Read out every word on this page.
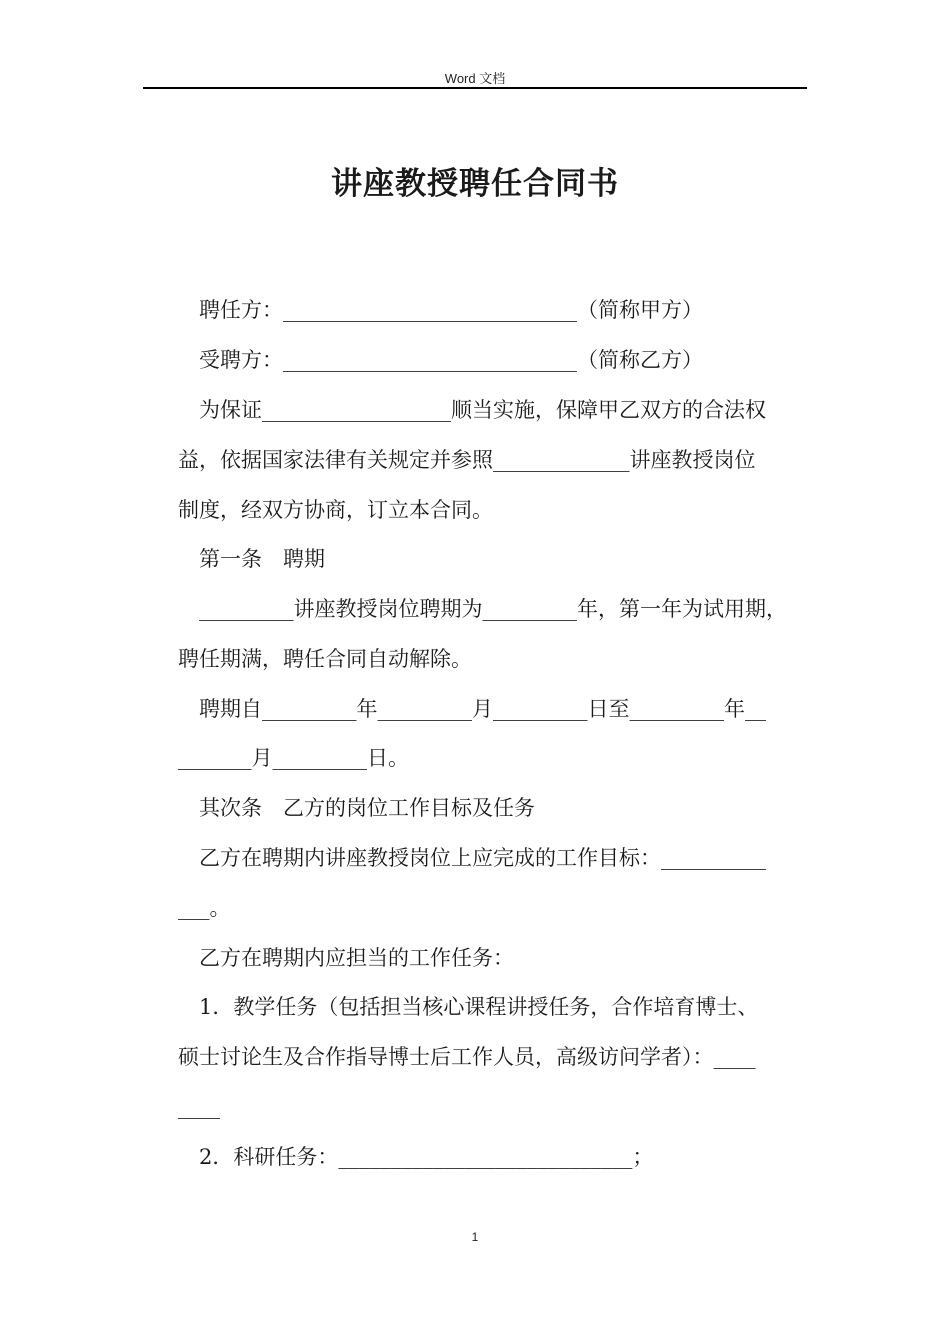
Word 文档
讲座教授聘任合同书
聘任方：____________________________（简称甲方）
受聘方：____________________________（简称乙方）
为保证__________________顺当实施，保障甲乙双方的合法权
益，依据国家法律有关规定并参照_____________讲座教授岗位
制度，经双方协商，订立本合同。
第一条　聘期
_________讲座教授岗位聘期为_________年，第一年为试用期，
聘任期满，聘任合同自动解除。
聘期自_________年_________月_________日至_________年__
_______月_________日。
其次条　乙方的岗位工作目标及任务
乙方在聘期内讲座教授岗位上应完成的工作目标：__________
___。
乙方在聘期内应担当的工作任务：
1．教学任务（包括担当核心课程讲授任务，合作培育博士、
硕士讨论生及合作指导博士后工作人员，高级访问学者）：____
____
2．科研任务：____________________________；
1
